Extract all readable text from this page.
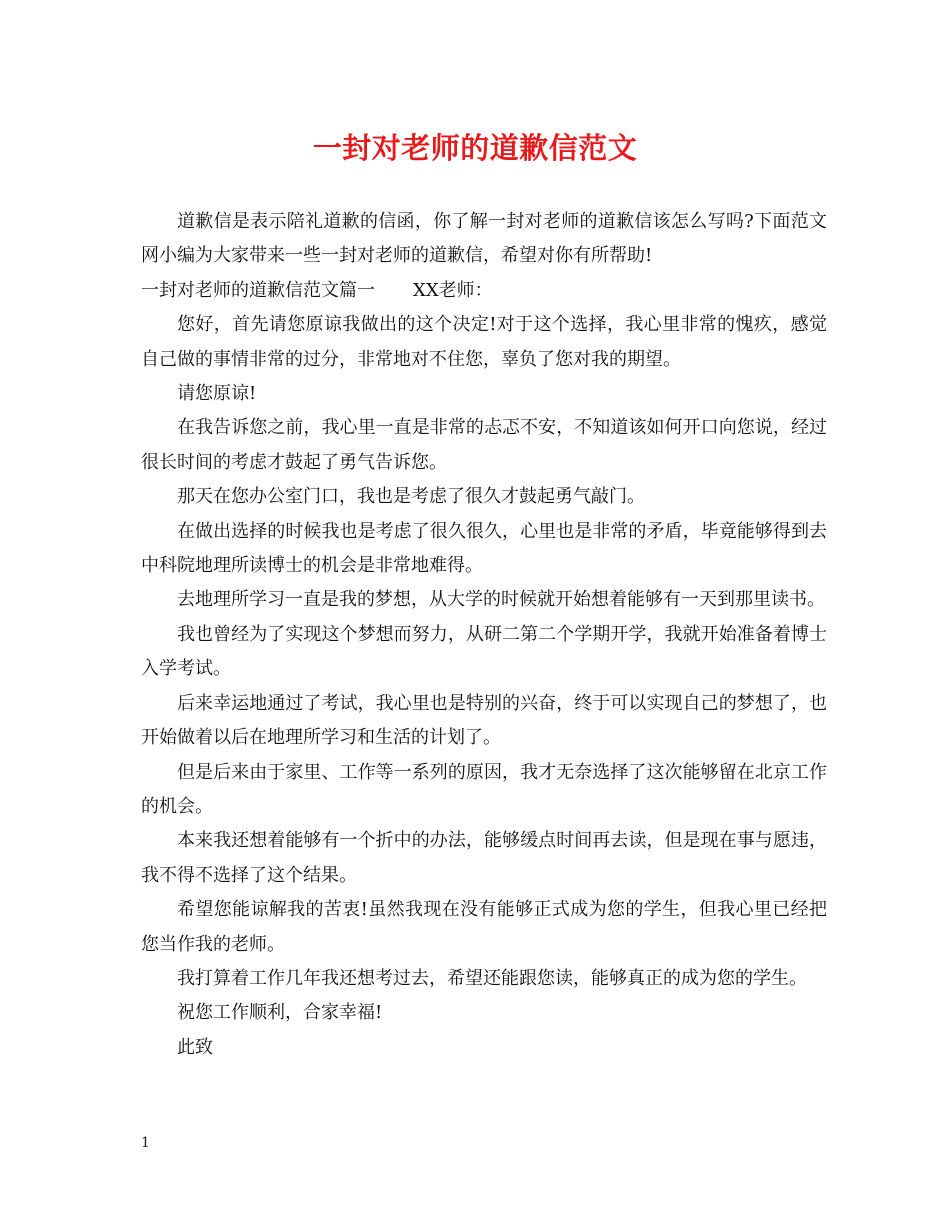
一封对老师的道歉信范文

道歉信是表示陪礼道歉的信函，你了解一封对老师的道歉信该怎么写吗?下面范文网小编为大家带来一些一封对老师的道歉信，希望对你有所帮助!

一封对老师的道歉信范文篇一 XX老师：

您好，首先请您原谅我做出的这个决定!对于这个选择，我心里非常的愧疚，感觉自己做的事情非常的过分，非常地对不住您，辜负了您对我的期望。

请您原谅!

在我告诉您之前，我心里一直是非常的忐忑不安，不知道该如何开口向您说，经过很长时间的考虑才鼓起了勇气告诉您。

那天在您办公室门口，我也是考虑了很久才鼓起勇气敲门。

在做出选择的时候我也是考虑了很久很久，心里也是非常的矛盾，毕竟能够得到去中科院地理所读博士的机会是非常地难得。

去地理所学习一直是我的梦想，从大学的时候就开始想着能够有一天到那里读书。

我也曾经为了实现这个梦想而努力，从研二第二个学期开学，我就开始准备着博士入学考试。

后来幸运地通过了考试，我心里也是特别的兴奋，终于可以实现自己的梦想了，也开始做着以后在地理所学习和生活的计划了。

但是后来由于家里、工作等一系列的原因，我才无奈选择了这次能够留在北京工作的机会。

本来我还想着能够有一个折中的办法，能够缓点时间再去读，但是现在事与愿违，我不得不选择了这个结果。

希望您能谅解我的苦衷!虽然我现在没有能够正式成为您的学生，但我心里已经把您当作我的老师。

我打算着工作几年我还想考过去，希望还能跟您读，能够真正的成为您的学生。

祝您工作顺利，合家幸福!

此致

1
